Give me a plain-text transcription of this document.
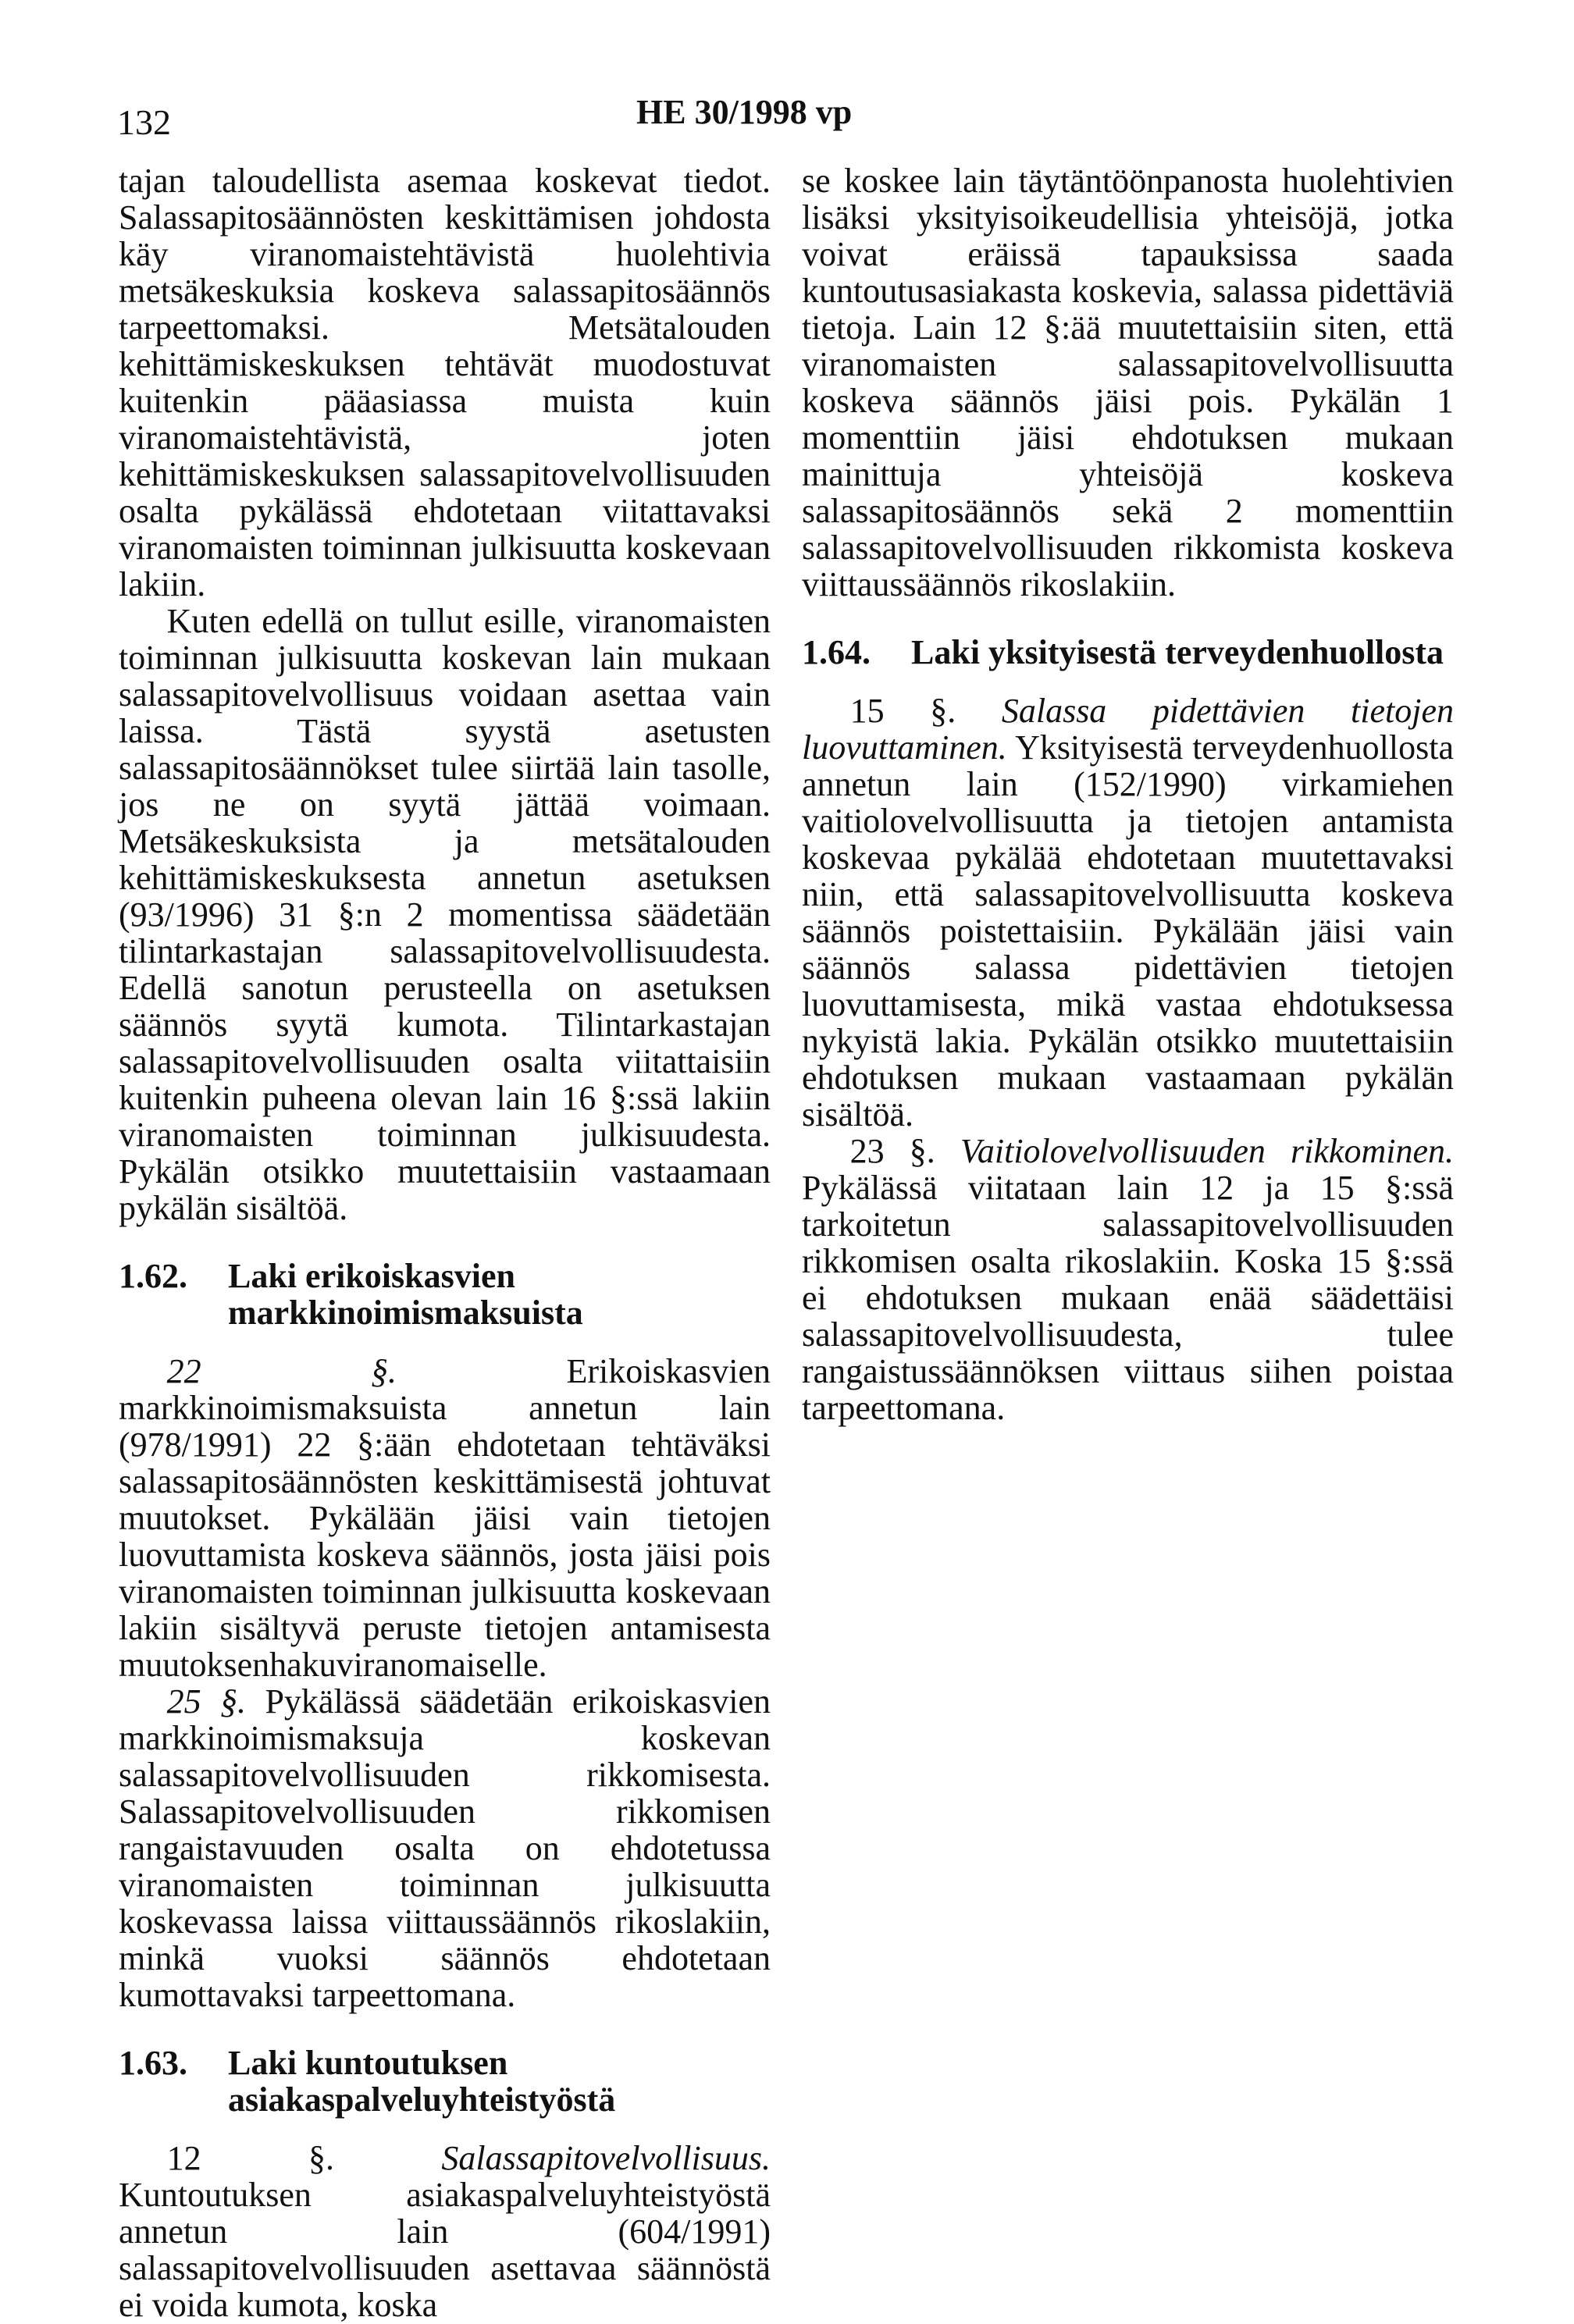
132	HE 30/1998 vp

tajan taloudellista asemaa koskevat tiedot. Salassapitosäännösten keskittämisen johdosta käy viranomaistehtävistä huolehtivia metsäkeskuksia koskeva salassapitosäännös tarpeettomaksi. Metsätalouden kehittämiskeskuksen tehtävät muodostuvat kuitenkin pääasiassa muista kuin viranomaistehtävistä, joten kehittämiskeskuksen salassapitovelvollisuuden osalta pykälässä ehdotetaan viitattavaksi viranomaisten toiminnan julkisuutta koskevaan lakiin.

Kuten edellä on tullut esille, viranomaisten toiminnan julkisuutta koskevan lain mukaan salassapitovelvollisuus voidaan asettaa vain laissa. Tästä syystä asetusten salassapitosäännökset tulee siirtää lain tasolle, jos ne on syytä jättää voimaan. Metsäkeskuksista ja metsätalouden kehittämiskeskuksesta annetun asetuksen (93/1996) 31 §:n 2 momentissa säädetään tilintarkastajan salassapitovelvollisuudesta. Edellä sanotun perusteella on asetuksen säännös syytä kumota. Tilintarkastajan salassapitovelvollisuuden osalta viitattaisiin kuitenkin puheena olevan lain 16 §:ssä lakiin viranomaisten toiminnan julkisuudesta. Pykälän otsikko muutettaisiin vastaamaan pykälän sisältöä.

1.62.	Laki erikoiskasvien markkinoimismaksuista

22 §. Erikoiskasvien markkinoimismaksuista annetun lain (978/1991) 22 §:ään ehdotetaan tehtäväksi salassapitosäännösten keskittämisestä johtuvat muutokset. Pykälään jäisi vain tietojen luovuttamista koskeva säännös, josta jäisi pois viranomaisten toiminnan julkisuutta koskevaan lakiin sisältyvä peruste tietojen antamisesta muutoksenhakuviranomaiselle.

25 §. Pykälässä säädetään erikoiskasvien markkinoimismaksuja koskevan salassapitovelvollisuuden rikkomisesta. Salassapitovelvollisuuden rikkomisen rangaistavuuden osalta on ehdotetussa viranomaisten toiminnan julkisuutta koskevassa laissa viittaussäännös rikoslakiin, minkä vuoksi säännös ehdotetaan kumottavaksi tarpeettomana.

1.63.	Laki kuntoutuksen asiakaspalveluyhteistyöstä

12 §. Salassapitovelvollisuus. Kuntoutuksen asiakaspalveluyhteistyöstä annetun lain (604/1991) salassapitovelvollisuuden asettavaa säännöstä ei voida kumota, koska

se koskee lain täytäntöönpanosta huolehtivien lisäksi yksityisoikeudellisia yhteisöjä, jotka voivat eräissä tapauksissa saada kuntoutusasiakasta koskevia, salassa pidettäviä tietoja. Lain 12 §:ää muutettaisiin siten, että viranomaisten salassapitovelvollisuutta koskeva säännös jäisi pois. Pykälän 1 momenttiin jäisi ehdotuksen mukaan mainittuja yhteisöjä koskeva salassapitosäännös sekä 2 momenttiin salassapitovelvollisuuden rikkomista koskeva viittaussäännös rikoslakiin.

1.64.	Laki yksityisestä terveydenhuollosta

15 §. Salassa pidettävien tietojen luovuttaminen. Yksityisestä terveydenhuollosta annetun lain (152/1990) virkamiehen vaitiolovelvollisuutta ja tietojen antamista koskevaa pykälää ehdotetaan muutettavaksi niin, että salassapitovelvollisuutta koskeva säännös poistettaisiin. Pykälään jäisi vain säännös salassa pidettävien tietojen luovuttamisesta, mikä vastaa ehdotuksessa nykyistä lakia. Pykälän otsikko muutettaisiin ehdotuksen mukaan vastaamaan pykälän sisältöä.

23 §. Vaitiolovelvollisuuden rikkominen. Pykälässä viitataan lain 12 ja 15 §:ssä tarkoitetun salassapitovelvollisuuden rikkomisen osalta rikoslakiin. Koska 15 §:ssä ei ehdotuksen mukaan enää säädettäisi salassapitovelvollisuudesta, tulee rangaistussäännöksen viittaus siihen poistaa tarpeettomana.
